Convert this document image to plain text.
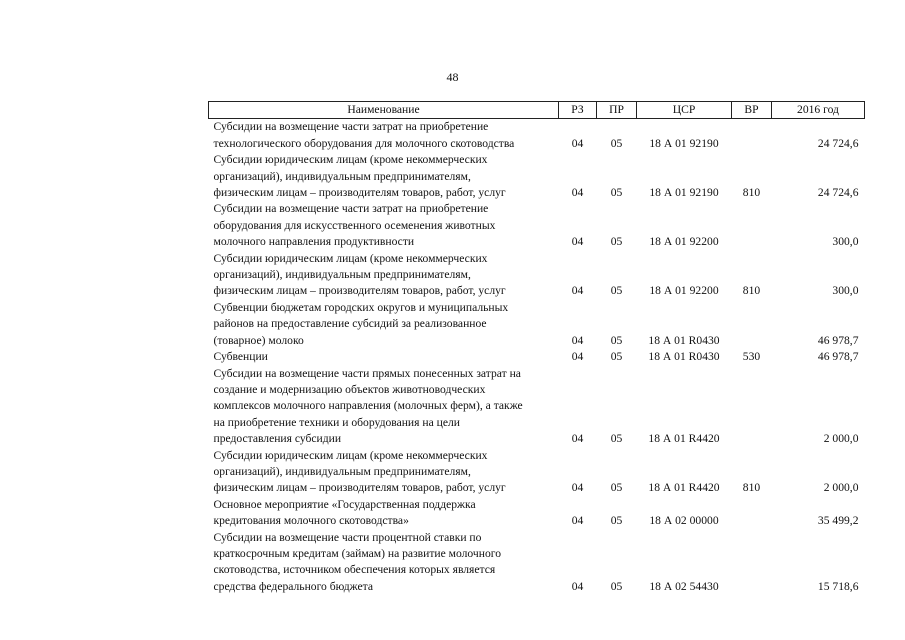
48
Наименование	РЗ	ПР	ЦСР	ВР	2016 год

Субсидии на возмещение части затрат на приобретение
технологического оборудования для молочного скотоводства	04	05	18 А 01 92190		24 724,6

Субсидии юридическим лицам (кроме некоммерческих
организаций), индивидуальным предпринимателям,
физическим лицам – производителям товаров, работ, услуг	04	05	18 А 01 92190	810	24 724,6

Субсидии на возмещение части затрат на приобретение
оборудования для искусственного осеменения животных
молочного направления продуктивности	04	05	18 А 01 92200		300,0

Субсидии юридическим лицам (кроме некоммерческих
организаций), индивидуальным предпринимателям,
физическим лицам – производителям товаров, работ, услуг	04	05	18 А 01 92200	810	300,0

Субвенции бюджетам городских округов и муниципальных
районов на предоставление субсидий за реализованное
(товарное) молоко	04	05	18 А 01 R0430		46 978,7

Субвенции	04	05	18 А 01 R0430	530	46 978,7

Субсидии на возмещение части прямых понесенных затрат на
создание и модернизацию объектов животноводческих
комплексов молочного направления (молочных ферм), а также
на приобретение техники и оборудования на цели
предоставления субсидии	04	05	18 А 01 R4420		2 000,0

Субсидии юридическим лицам (кроме некоммерческих
организаций), индивидуальным предпринимателям,
физическим лицам – производителям товаров, работ, услуг	04	05	18 А 01 R4420	810	2 000,0

Основное мероприятие «Государственная поддержка
кредитования молочного скотоводства»	04	05	18 А 02 00000		35 499,2

Субсидии на возмещение части процентной ставки по
краткосрочным кредитам (займам) на развитие молочного
скотоводства, источником обеспечения которых является
средства федерального бюджета	04	05	18 А 02 54430		15 718,6
